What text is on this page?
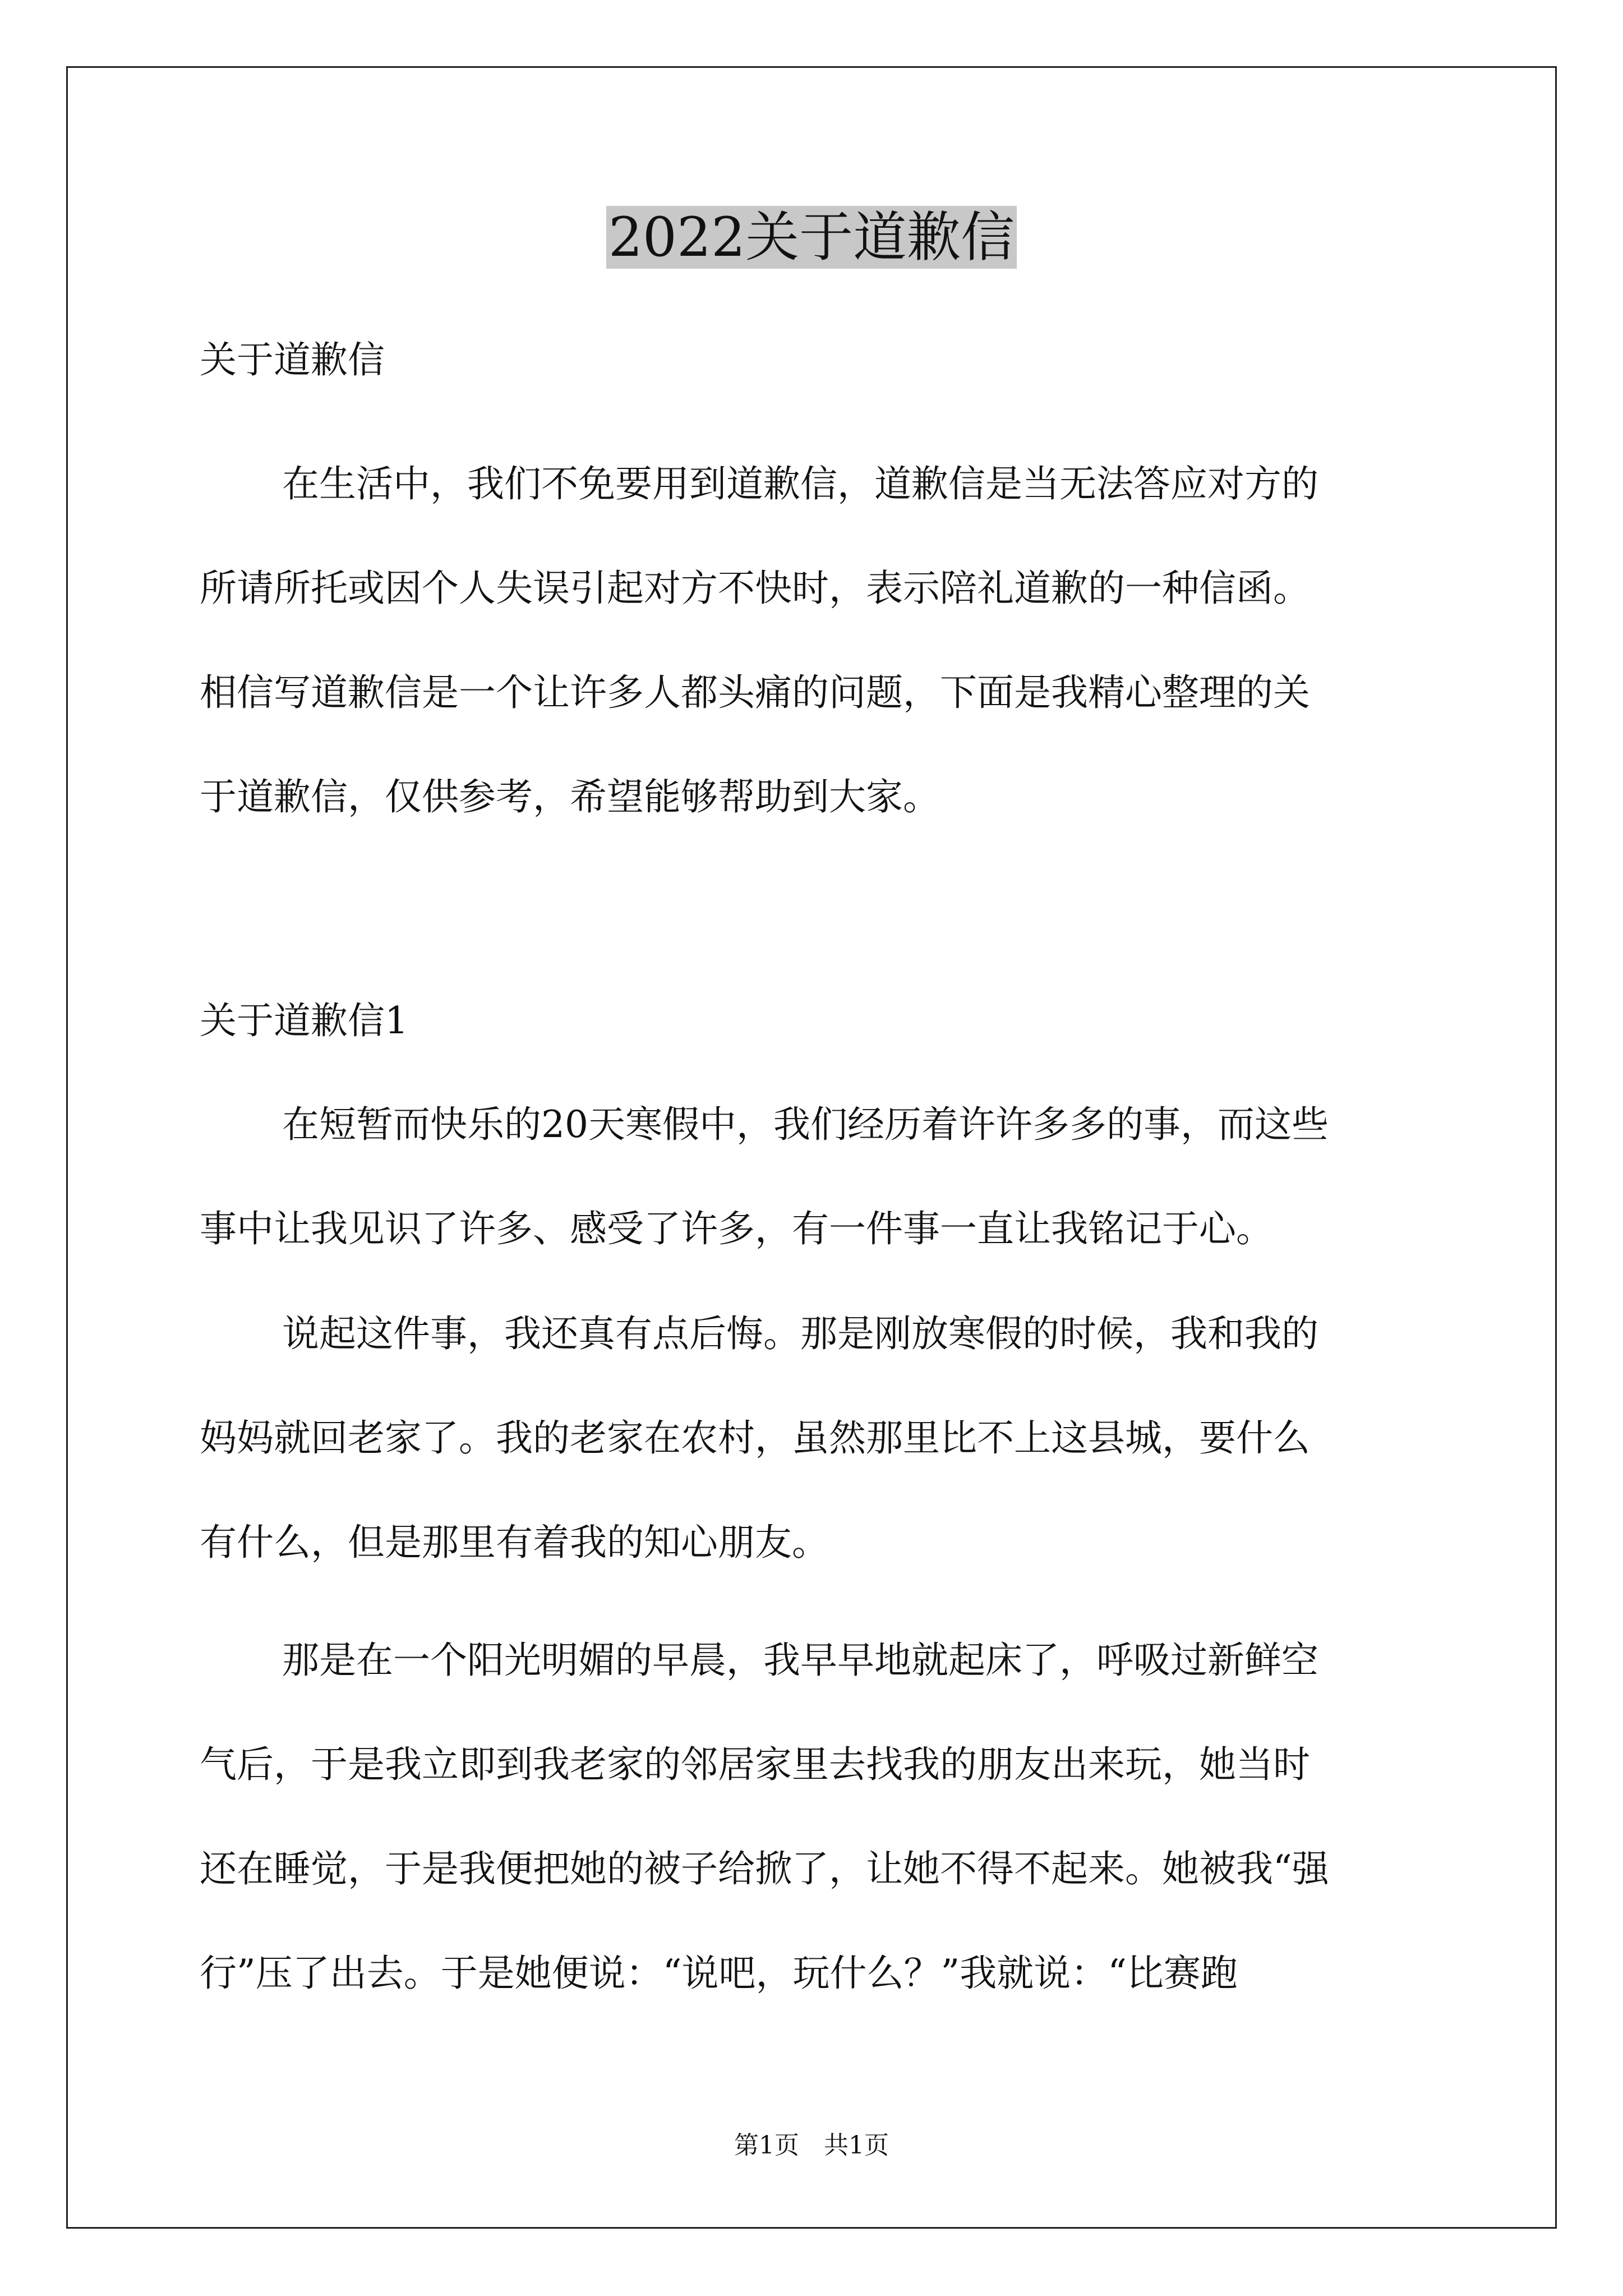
2022关于道歉信
关于道歉信
在生活中，我们不免要用到道歉信，道歉信是当无法答应对方的
所请所托或因个人失误引起对方不快时，表示陪礼道歉的一种信函。
相信写道歉信是一个让许多人都头痛的问题，下面是我精心整理的关
于道歉信，仅供参考，希望能够帮助到大家。
关于道歉信1
在短暂而快乐的20天寒假中，我们经历着许许多多的事，而这些
事中让我见识了许多、感受了许多，有一件事一直让我铭记于心。
说起这件事，我还真有点后悔。那是刚放寒假的时候，我和我的
妈妈就回老家了。我的老家在农村，虽然那里比不上这县城，要什么
有什么，但是那里有着我的知心朋友。
那是在一个阳光明媚的早晨，我早早地就起床了，呼吸过新鲜空
气后，于是我立即到我老家的邻居家里去找我的朋友出来玩，她当时
还在睡觉，于是我便把她的被子给掀了，让她不得不起来。她被我“强
行”压了出去。于是她便说：“说吧，玩什么？”我就说：“比赛跑
第1页　共1页
